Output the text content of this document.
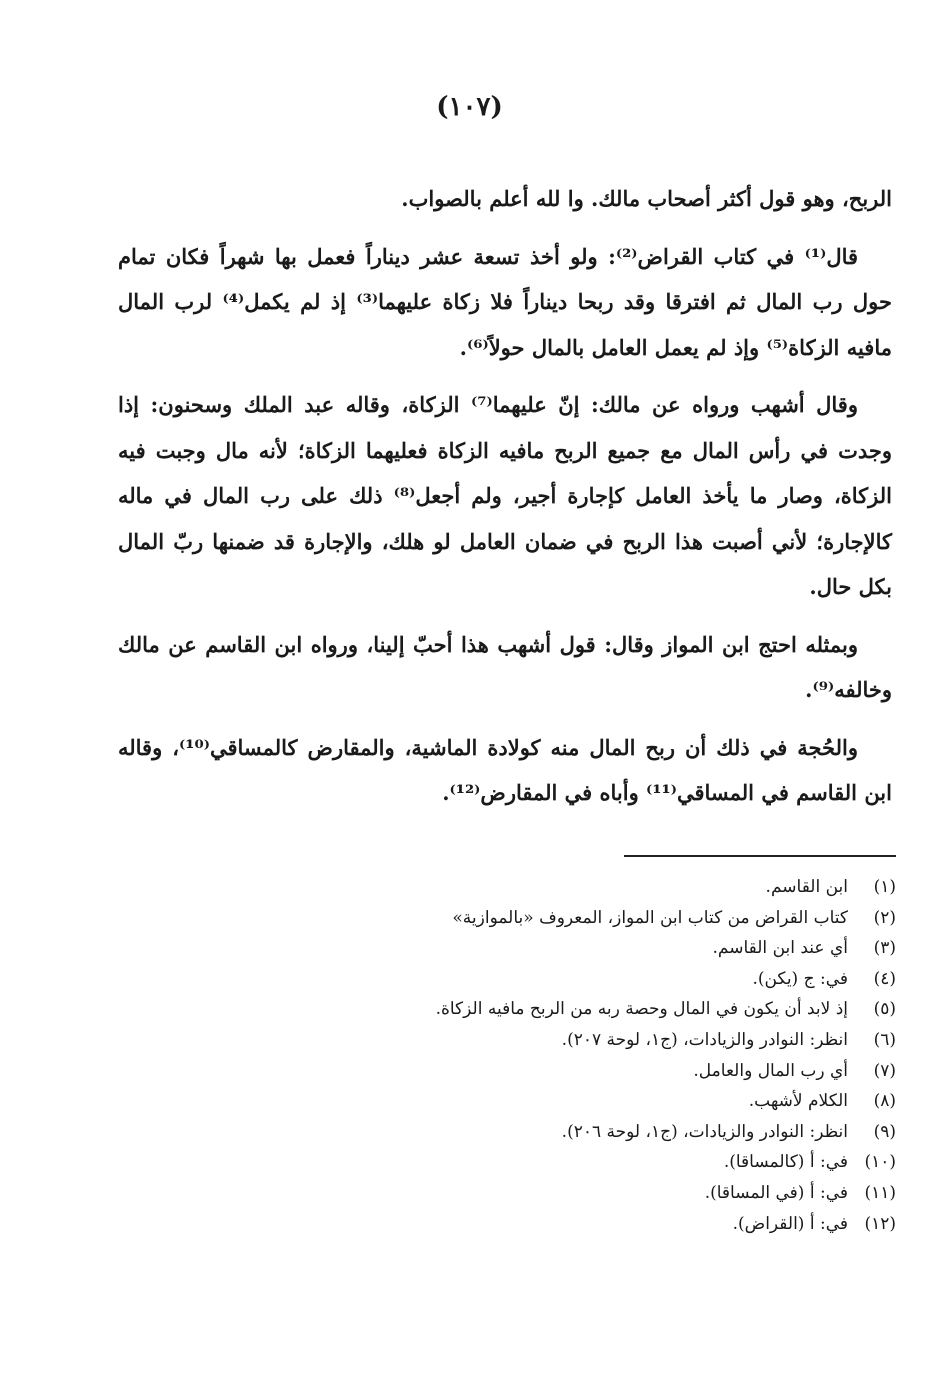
(١٠٧)

الربح، وهو قول أكثر أصحاب مالك. وا لله أعلم بالصواب.

قال⁽¹⁾ في كتاب القراض⁽²⁾: ولو أخذ تسعة عشر ديناراً فعمل بها شهراً فكان تمام حول رب المال ثم افترقا وقد ربحا ديناراً فلا زكاة عليهما⁽³⁾ إذ لم يكمل⁽⁴⁾ لرب المال مافيه الزكاة⁽⁵⁾ وإذ لم يعمل العامل بالمال حولاً⁽⁶⁾.

وقال أشهب ورواه عن مالك: إنّ عليهما⁽⁷⁾ الزكاة، وقاله عبد الملك وسحنون: إذا وجدت في رأس المال مع جميع الربح مافيه الزكاة فعليهما الزكاة؛ لأنه مال وجبت فيه الزكاة، وصار ما يأخذ العامل كإجارة أجير، ولم أجعل⁽⁸⁾ ذلك على رب المال في ماله كالإجارة؛ لأني أصبت هذا الربح في ضمان العامل لو هلك، والإجارة قد ضمنها ربّ المال بكل حال.

وبمثله احتج ابن المواز وقال: قول أشهب هذا أحبّ إلينا، ورواه ابن القاسم عن مالك وخالفه⁽⁹⁾.

والحُجة في ذلك أن ربح المال منه كولادة الماشية، والمقارض كالمساقي⁽¹⁰⁾، وقاله ابن القاسم في المساقي⁽¹¹⁾ وأباه في المقارض⁽¹²⁾.

(١)
ابن القاسم.
(٢)
كتاب القراض من كتاب ابن المواز، المعروف «بالموازية»
(٣)
أي عند ابن القاسم.
(٤)
في: ج (يكن).
(٥)
إذ لابد أن يكون في المال وحصة ربه من الربح مافيه الزكاة.
(٦)
انظر: النوادر والزيادات، (ج١، لوحة ٢٠٧).
(٧)
أي رب المال والعامل.
(٨)
الكلام لأشهب.
(٩)
انظر: النوادر والزيادات، (ج١، لوحة ٢٠٦).
(١٠)
في: أ (كالمساقا).
(١١)
في: أ (في المساقا).
(١٢)
في: أ (القراض).
